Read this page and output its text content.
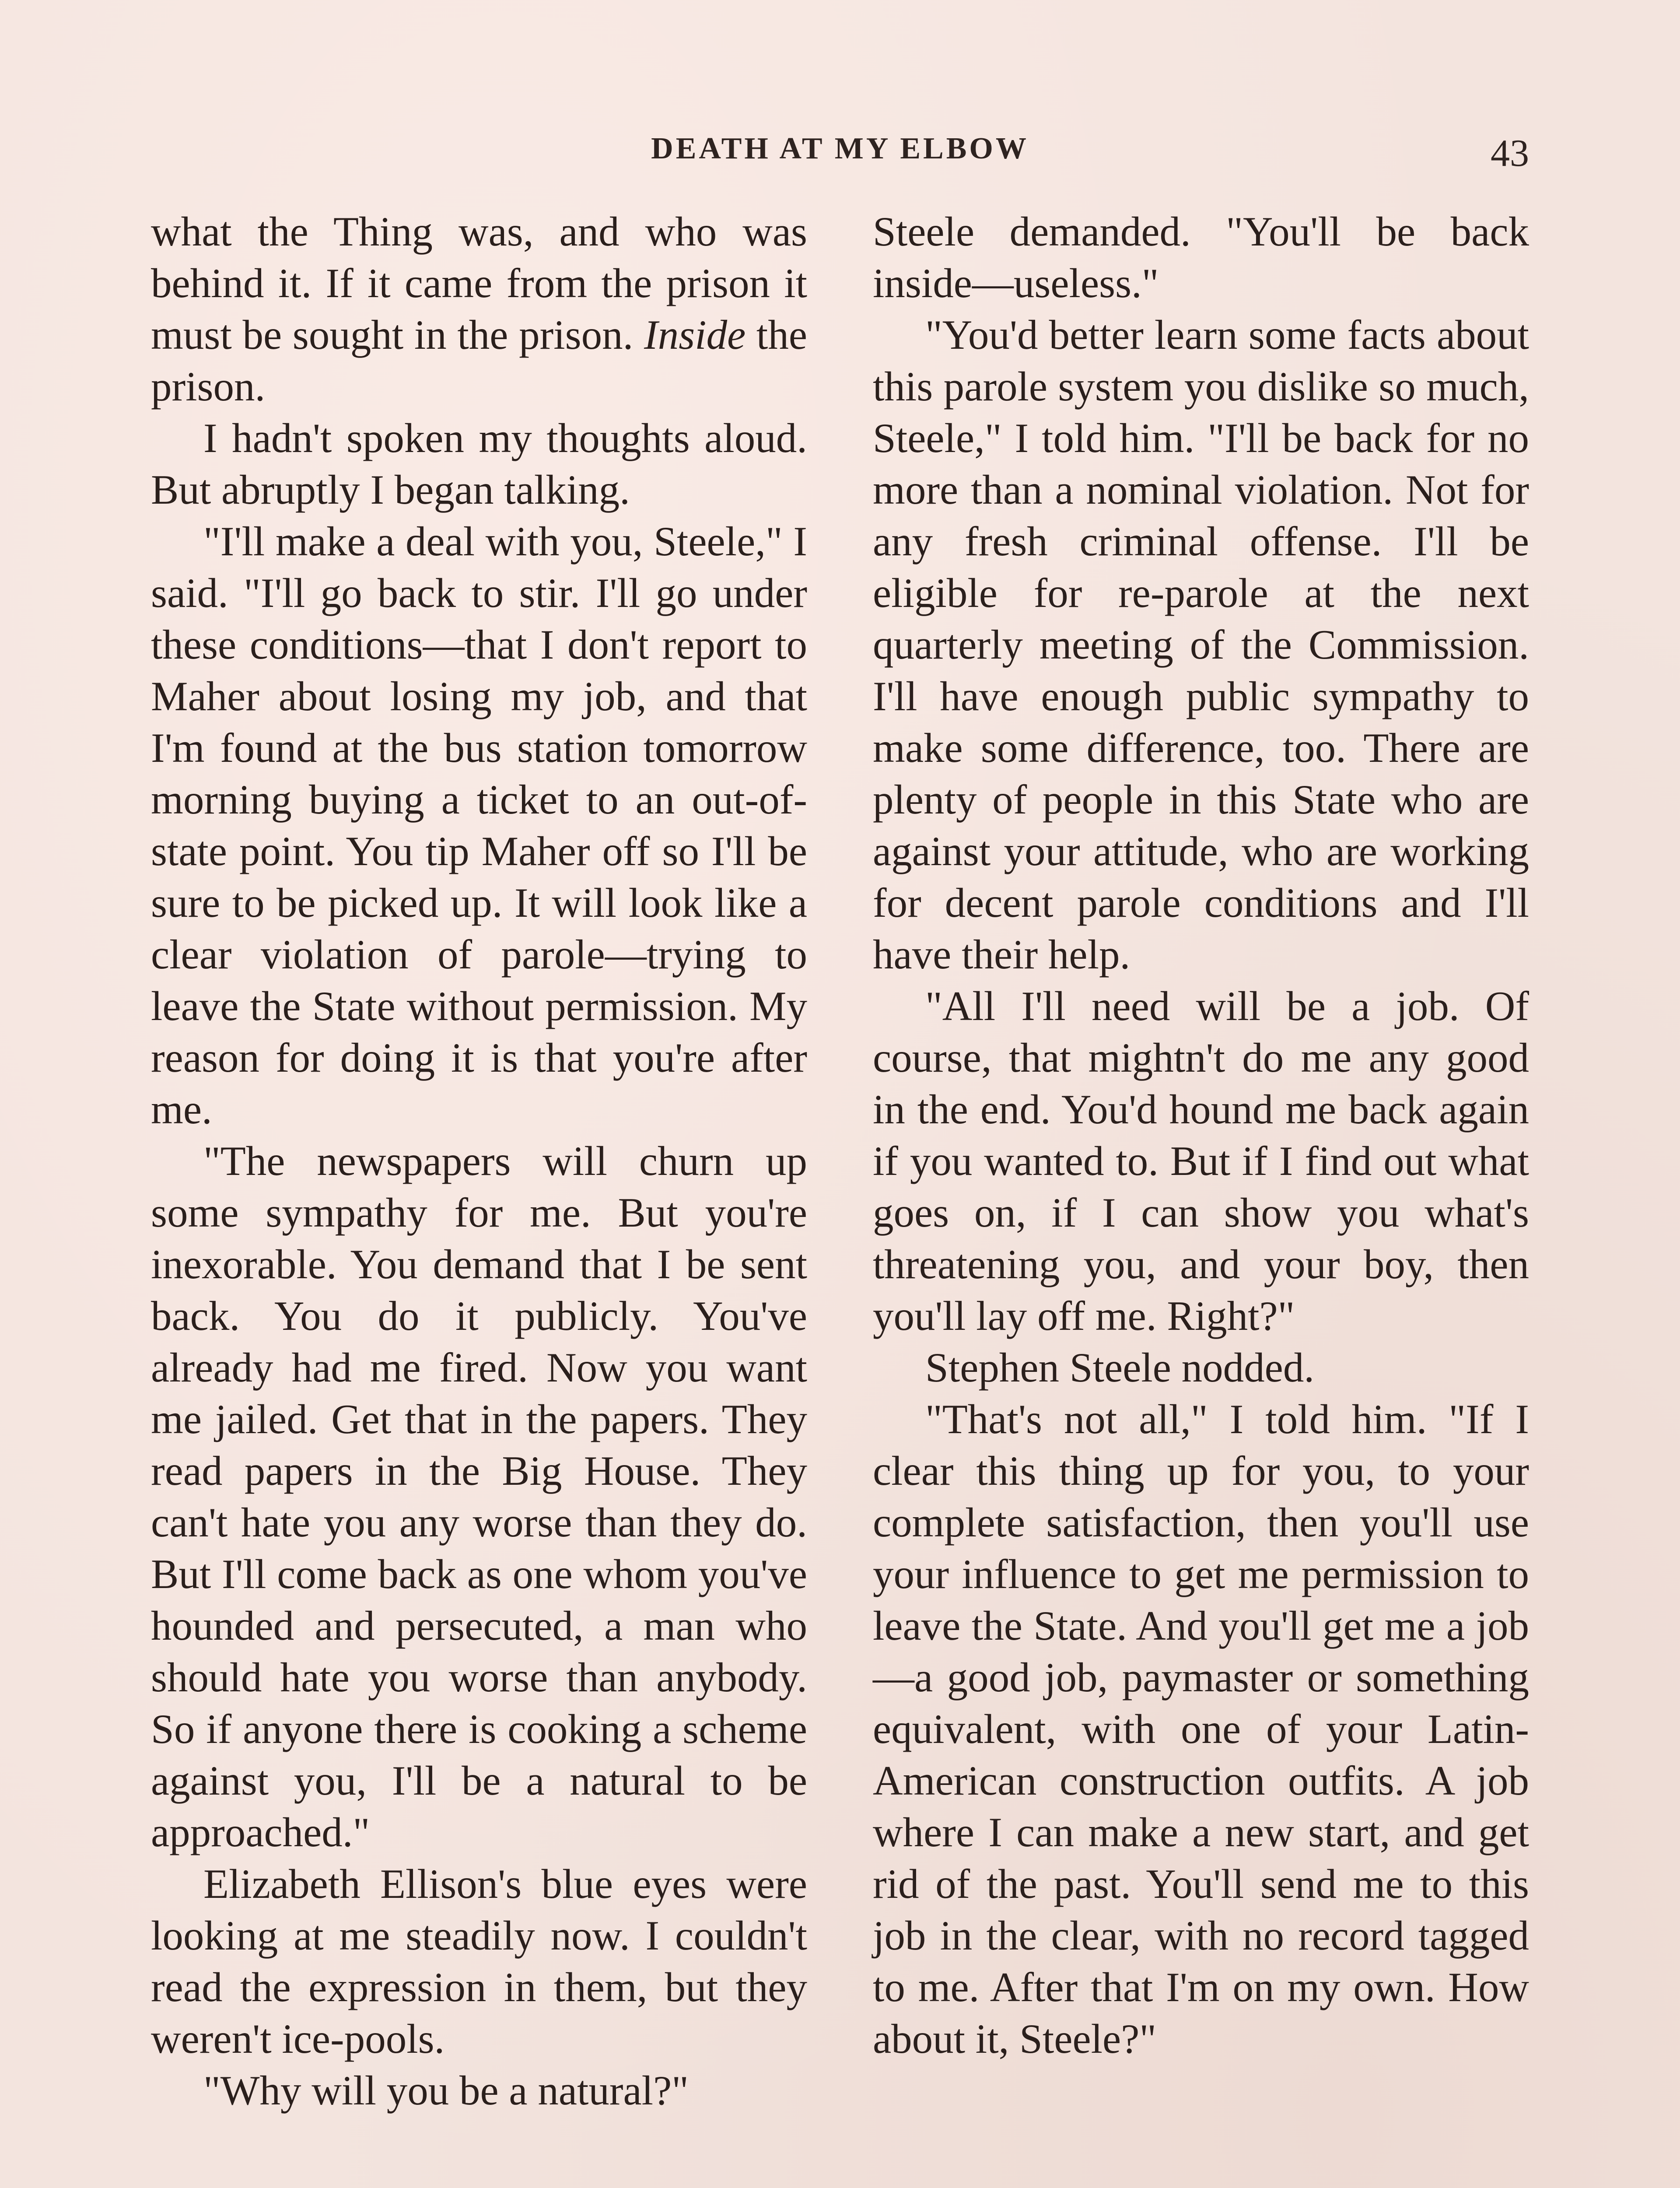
DEATH AT MY ELBOW	43

what the Thing was, and who was behind it. If it came from the prison it must be sought in the prison. Inside the prison.

I hadn't spoken my thoughts aloud. But abruptly I began talking.

"I'll make a deal with you, Steele," I said. "I'll go back to stir. I'll go under these conditions—that I don't report to Maher about losing my job, and that I'm found at the bus station tomorrow morning buying a ticket to an out-of-state point. You tip Maher off so I'll be sure to be picked up. It will look like a clear violation of parole—trying to leave the State without permission. My reason for doing it is that you're after me.

"The newspapers will churn up some sympathy for me. But you're inexorable. You demand that I be sent back. You do it publicly. You've already had me fired. Now you want me jailed. Get that in the papers. They read papers in the Big House. They can't hate you any worse than they do. But I'll come back as one whom you've hounded and persecuted, a man who should hate you worse than anybody. So if anyone there is cooking a scheme against you, I'll be a natural to be approached."

Elizabeth Ellison's blue eyes were looking at me steadily now. I couldn't read the expression in them, but they weren't ice-pools.

"Why will you be a natural?"

Steele demanded. "You'll be back inside—useless."

"You'd better learn some facts about this parole system you dislike so much, Steele," I told him. "I'll be back for no more than a nominal violation. Not for any fresh criminal offense. I'll be eligible for re-parole at the next quarterly meeting of the Commission. I'll have enough public sympathy to make some difference, too. There are plenty of people in this State who are against your attitude, who are working for decent parole conditions and I'll have their help.

"All I'll need will be a job. Of course, that mightn't do me any good in the end. You'd hound me back again if you wanted to. But if I find out what goes on, if I can show you what's threatening you, and your boy, then you'll lay off me. Right?"

Stephen Steele nodded.

"That's not all," I told him. "If I clear this thing up for you, to your complete satisfaction, then you'll use your influence to get me permission to leave the State. And you'll get me a job—a good job, paymaster or something equivalent, with one of your Latin-American construction outfits. A job where I can make a new start, and get rid of the past. You'll send me to this job in the clear, with no record tagged to me. After that I'm on my own. How about it, Steele?"
